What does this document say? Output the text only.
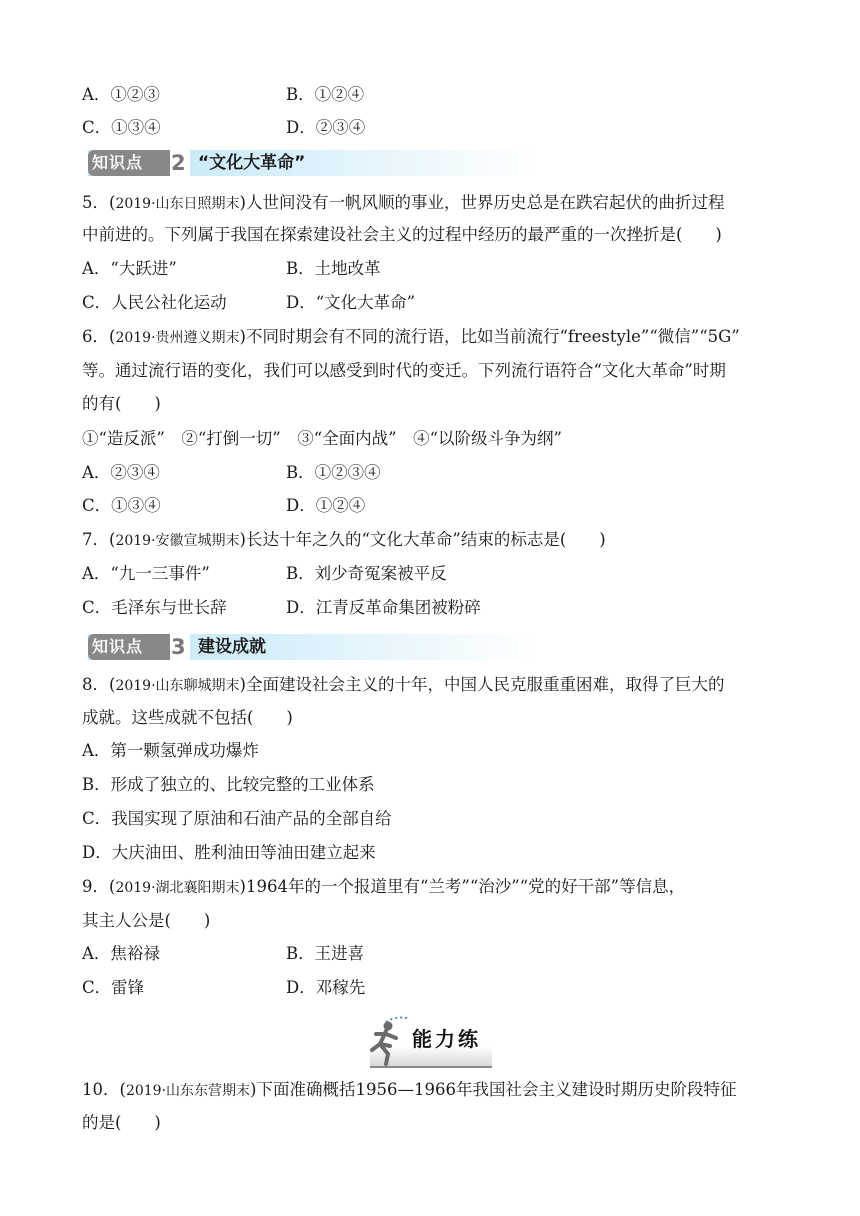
A．①②③	B．①②④
C．①③④	D．②③④
知识点 2 “文化大革命”
5．(2019·山东日照期末)人世间没有一帆风顺的事业，世界历史总是在跌宕起伏的曲折过程
中前进的。下列属于我国在探索建设社会主义的过程中经历的最严重的一次挫折是(　　)
A．“大跃进”	B．土地改革
C．人民公社化运动	D．“文化大革命”
6．(2019·贵州遵义期末)不同时期会有不同的流行语，比如当前流行“freestyle”“微信”“5G”
等。通过流行语的变化，我们可以感受到时代的变迁。下列流行语符合“文化大革命”时期
的有(　　)
①“造反派”　②“打倒一切”　③“全面内战”　④“以阶级斗争为纲”
A．②③④	B．①②③④
C．①③④	D．①②④
7．(2019·安徽宣城期末)长达十年之久的“文化大革命”结束的标志是(　　)
A．“九一三事件”	B．刘少奇冤案被平反
C．毛泽东与世长辞	D．江青反革命集团被粉碎
知识点 3 建设成就
8．(2019·山东聊城期末)全面建设社会主义的十年，中国人民克服重重困难，取得了巨大的
成就。这些成就不包括(　　)
A．第一颗氢弹成功爆炸
B．形成了独立的、比较完整的工业体系
C．我国实现了原油和石油产品的全部自给
D．大庆油田、胜利油田等油田建立起来
9．(2019·湖北襄阳期末)1964年的一个报道里有“兰考”“治沙”“党的好干部”等信息，
其主人公是(　　)
A．焦裕禄	B．王进喜
C．雷锋	D．邓稼先
能力练
10．(2019·山东东营期末)下面准确概括1956—1966年我国社会主义建设时期历史阶段特征
的是(　　)
